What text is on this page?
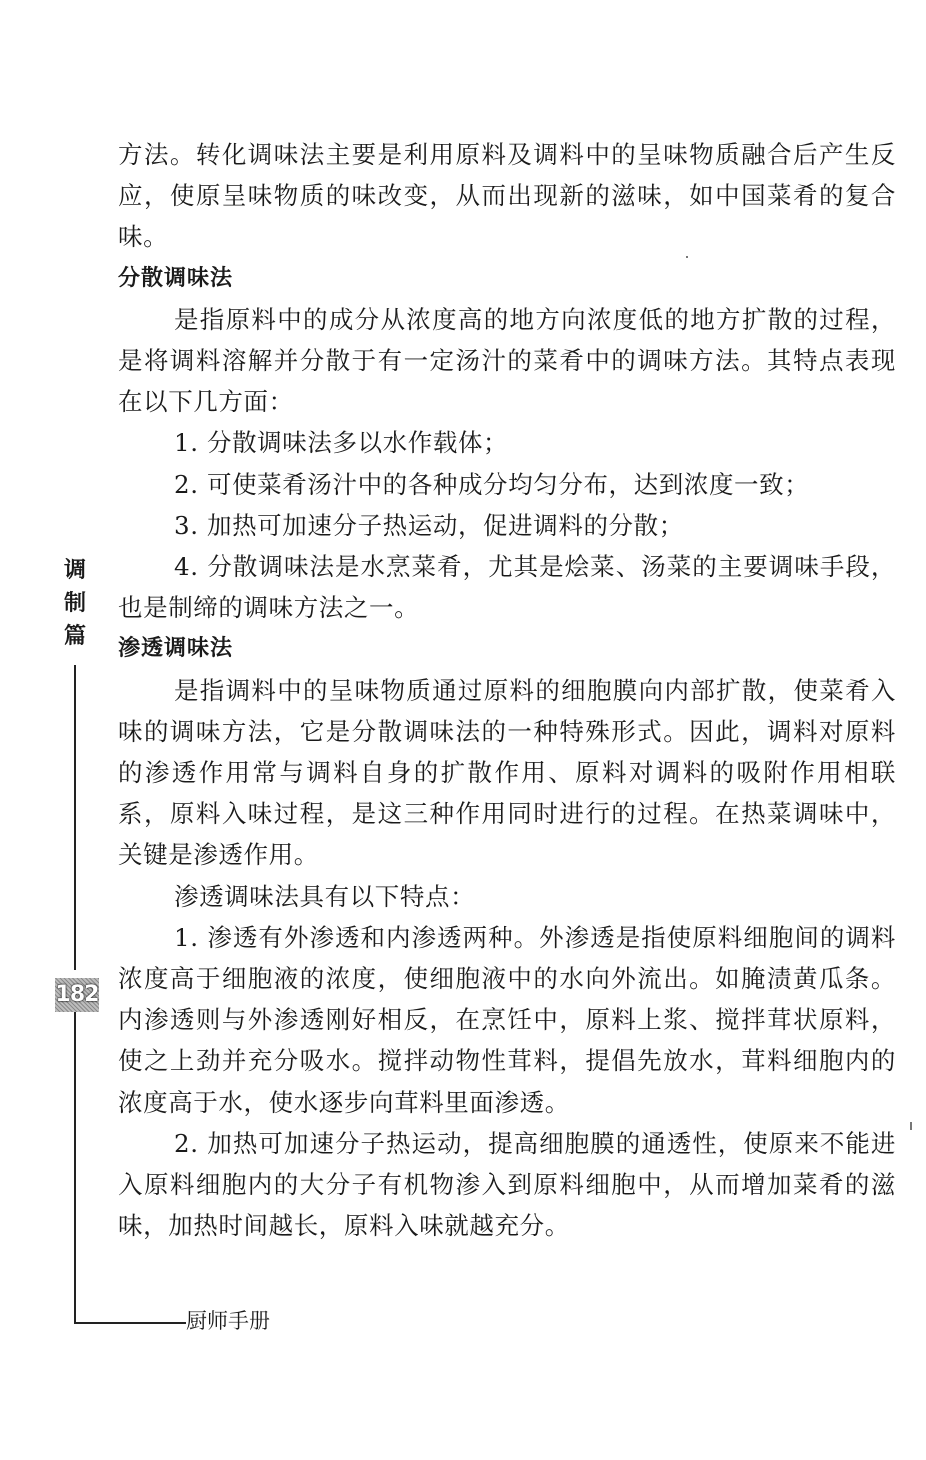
方法。转化调味法主要是利用原料及调料中的呈味物质融合后产生反应，使原呈味物质的味改变，从而出现新的滋味，如中国菜肴的复合味。

分散调味法

是指原料中的成分从浓度高的地方向浓度低的地方扩散的过程，是将调料溶解并分散于有一定汤汁的菜肴中的调味方法。其特点表现在以下几方面：

1. 分散调味法多以水作载体；

2. 可使菜肴汤汁中的各种成分均匀分布，达到浓度一致；

3. 加热可加速分子热运动，促进调料的分散；

4. 分散调味法是水烹菜肴，尤其是烩菜、汤菜的主要调味手段，也是制缔的调味方法之一。

渗透调味法

是指调料中的呈味物质通过原料的细胞膜向内部扩散，使菜肴入味的调味方法，它是分散调味法的一种特殊形式。因此，调料对原料的渗透作用常与调料自身的扩散作用、原料对调料的吸附作用相联系，原料入味过程，是这三种作用同时进行的过程。在热菜调味中，关键是渗透作用。

渗透调味法具有以下特点：

1. 渗透有外渗透和内渗透两种。外渗透是指使原料细胞间的调料浓度高于细胞液的浓度，使细胞液中的水向外流出。如腌渍黄瓜条。内渗透则与外渗透刚好相反，在烹饪中，原料上浆、搅拌茸状原料，使之上劲并充分吸水。搅拌动物性茸料，提倡先放水，茸料细胞内的浓度高于水，使水逐步向茸料里面渗透。

2. 加热可加速分子热运动，提高细胞膜的通透性，使原来不能进入原料细胞内的大分子有机物渗入到原料细胞中，从而增加菜肴的滋味，加热时间越长，原料入味就越充分。

调
制
篇
182
厨师手册
